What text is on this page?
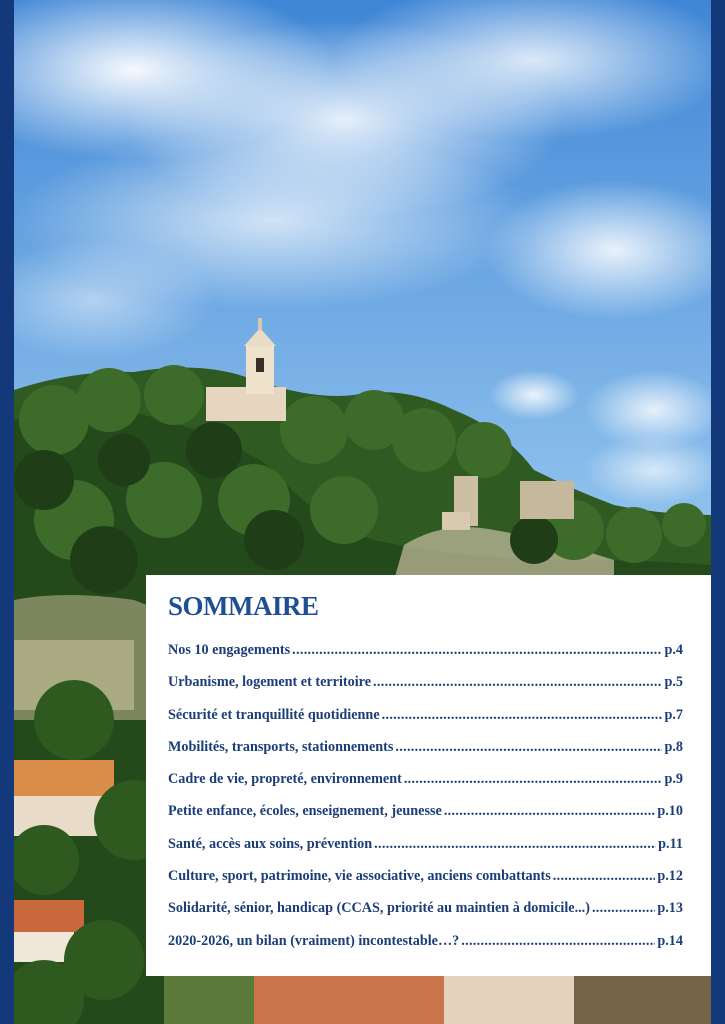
SOMMAIRE
Nos 10 engagements .....	p.4
Urbanisme, logement et territoire .....	p.5
Sécurité et tranquillité quotidienne .....	p.7
Mobilités, transports, stationnements .....	p.8
Cadre de vie, propreté, environnement .....	p.9
Petite enfance, écoles, enseignement, jeunesse .....	p.10
Santé, accès aux soins, prévention .....	p.11
Culture, sport, patrimoine, vie associative, anciens combattants .....	p.12
Solidarité, sénior, handicap (CCAS, priorité au maintien à domicile...) .....	p.13
2020-2026, un bilan (vraiment) incontestable…? .....	p.14
